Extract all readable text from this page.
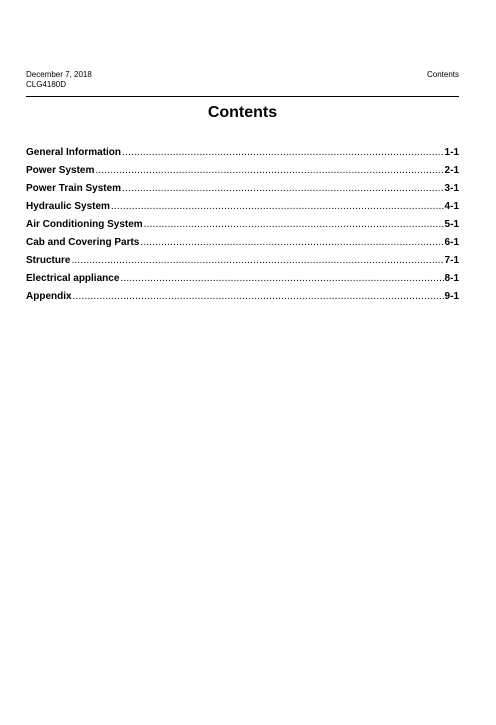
December 7, 2018
CLG4180D
Contents
Contents
General Information .....	1-1
Power System .....	2-1
Power Train System .....	3-1
Hydraulic System .....	4-1
Air Conditioning System .....	5-1
Cab and Covering Parts .....	6-1
Structure .....	7-1
Electrical appliance .....	8-1
Appendix .....	9-1
